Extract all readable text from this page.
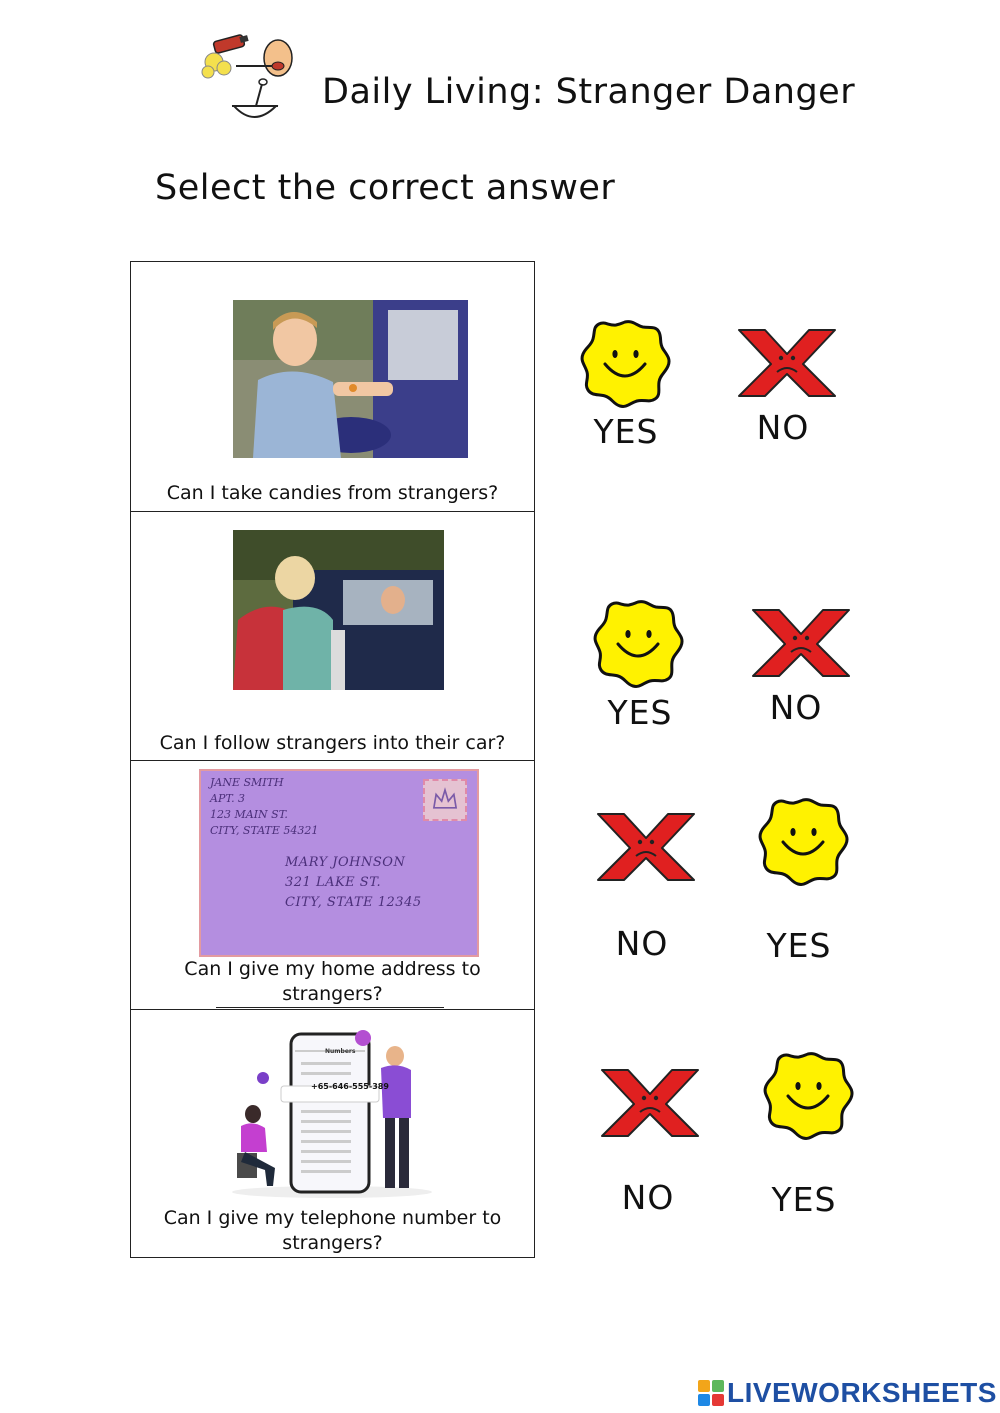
Daily Living: Stranger Danger
Select the correct answer
Can I take candies from strangers?
Can I follow strangers into their car?
JANE SMITH
APT. 3
123 MAIN ST.
CITY, STATE 54321
MARY JOHNSON
321 LAKE ST.
CITY, STATE 12345
Can I give my home address to strangers?
Numbers
+65-646-555-389
Can I give my telephone number to strangers?
YES	NO
YES	NO
NO	YES
NO	YES
LIVEWORKSHEETS
